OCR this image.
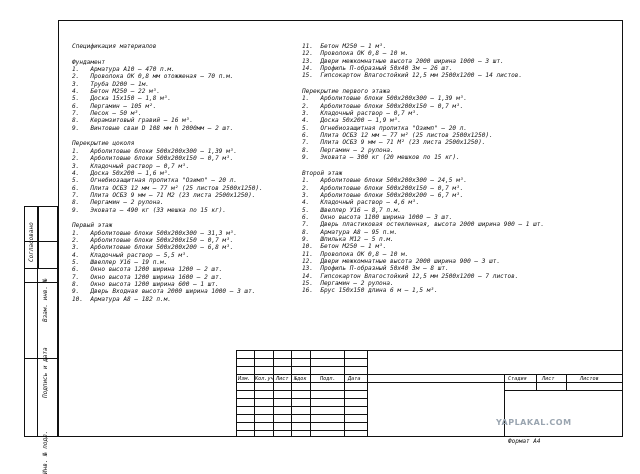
Согласовано
Взам. инв. №
Подпись и дата
Инв. № подл.
Спецификация материалов
Фундамент
1.   Арматура А10 – 470 п.м.
2.   Проволока ОК 0,8 мм отожженая – 70 п.м.
3.   Труба D200 – 1м.
4.   Бетон М250 – 22 м³.
5.   Доска 15х150 – 1,8 м³.
6.   Пергамин – 105 м².
7.   Песок – 50 м³.
8.   Керамзитовый гравий – 16 м³.
9.   Винтовые сваи D 108 мм h 2000мм – 2 шт.
Перекрытие цоколя
1.   Арболитовые блоки 500х200х300 – 1,39 м³.
2.   Арболитовые блоки 500х200х150 – 0,7 м³.
3.   Кладочный раствор – 0,7 м³.
4.   Доска 50х200 – 1,6 м³.
5.   Огнебиозащитная пропитка "Озимп" – 20 л.
6.   Плита ОСБ3 12 мм – 77 м² (25 листов 2500х1250).
7.   Плита ОСБ3 9 мм – 71 М2 (23 листа 2500х1250).
8.   Пергамин – 2 рулона.
9.   Эковата – 490 кг (33 мешка по 15 кг).
Первый этаж
1.   Арболитовые блоки 500х200х300 – 31,3 м³.
2.   Арболитовые блоки 500х200х150 – 0,7 м³.
3.   Арболитовые блоки 500х200х200 – 6,8 м³.
4.   Кладочный раствор – 5,5 м³.
5.   Швеллер У16 – 19 п.м.
6.   Окно высота 1200 ширина 1200 – 2 шт.
7.   Окно высота 1200 ширина 1600 – 2 шт.
8.   Окно высота 1200 ширина 600 – 1 шт.
9.   Дверь Входная высота 2000 ширина 1000 – 3 шт.
10.  Арматура А8 – 182 п.м.
11.  Бетон М250 – 1 м³.
12.  Проволока ОК 0,8 – 10 м.
13.  Двери межкомнатные высота 2000 ширина 1000 – 3 шт.
14.  Профиль П-образный 50х40 3м – 26 шт.
15.  Гипсокартон Влагостойкий 12,5 мм 2500х1200 – 14 листов.
Перекрытие первого этажа
1.   Арболитовые блоки 500х200х300 – 1,39 м³.
2.   Арболитовые блоки 500х200х150 – 0,7 м³.
3.   Кладочный раствор – 0,7 м³.
4.   Доска 50х200 – 1,9 м³.
5.   Огнебиозащитная пропитка "Озимп" – 20 л.
6.   Плита ОСБ3 12 мм – 77 м² (25 листов 2500х1250).
7.   Плита ОСБ3 9 мм – 71 М² (23 листа 2500х1250).
8.   Пергамин – 2 рулона.
9.   Эковата – 300 кг (20 мешков по 15 кг).
Второй этаж
1.   Арболитовые блоки 500х200х300 – 24,5 м³.
2.   Арболитовые блоки 500х200х150 – 0,7 м³.
3.   Арболитовые блоки 500х200х200 – 6,7 м³.
4.   Кладочный раствор – 4,6 м³.
5.   Швеллер У16 – 8,7 п.м.
6.   Окно высота 1100 ширина 1000 – 3 шт.
7.   Дверь пластиковая остекленная, высота 2000 ширина 900 – 1 шт.
8.   Арматура А8 – 95 п.м.
9.   Шпилька М12 – 5 п.м.
10.  Бетон М250 – 1 м³.
11.  Проволока ОК 0,8 – 10 м.
12.  Двери межкомнатные высота 2000 ширина 900 – 3 шт.
13.  Профиль П-образный 50х40 3м – 8 шт.
14.  Гипсокартон Влагостойкий 12,5 мм 2500х1200 – 7 листов.
15.  Пергамин – 2 рулона.
16.  Брус 150х150 длина 6 м – 1,5 м³.
Изм. Кол.уч Лист №док	Подп. Дата	Стадия	Лист	Листов
YAPLAKAL.COM
Формат А4
